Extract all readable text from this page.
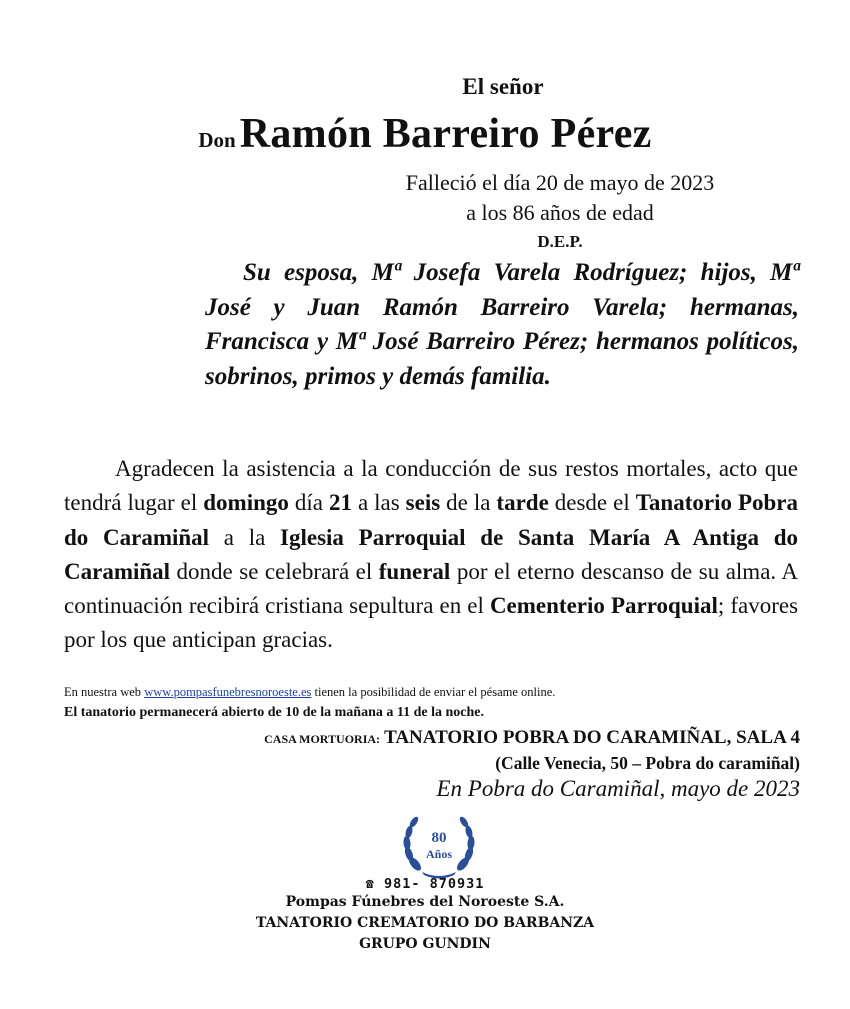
El señor
Don Ramón Barreiro Pérez
Falleció el día 20 de mayo de 2023
a los 86 años de edad
D.E.P.
Su esposa, Mª Josefa Varela Rodríguez; hijos, Mª José y Juan Ramón Barreiro Varela; hermanas, Francisca y Mª José Barreiro Pérez; hermanos políticos, sobrinos, primos y demás familia.
Agradecen la asistencia a la conducción de sus restos mortales, acto que tendrá lugar el domingo día 21 a las seis de la tarde desde el Tanatorio Pobra do Caramiñal a la Iglesia Parroquial de Santa María A Antiga do Caramiñal donde se celebrará el funeral por el eterno descanso de su alma. A continuación recibirá cristiana sepultura en el Cementerio Parroquial; favores por los que anticipan gracias.
En nuestra web www.pompasfunebresnoroeste.es tienen la posibilidad de enviar el pésame online.
El tanatorio permanecerá abierto de 10 de la mañana a 11 de la noche.
CASA MORTUORIA: TANATORIO POBRA DO CARAMIÑAL, SALA 4
(Calle Venecia, 50 – Pobra do caramiñal)
En Pobra do Caramiñal, mayo de 2023
80
Años
☎ 981- 870931
Pompas Fúnebres del Noroeste S.A.
TANATORIO CREMATORIO DO BARBANZA
GRUPO GUNDIN
